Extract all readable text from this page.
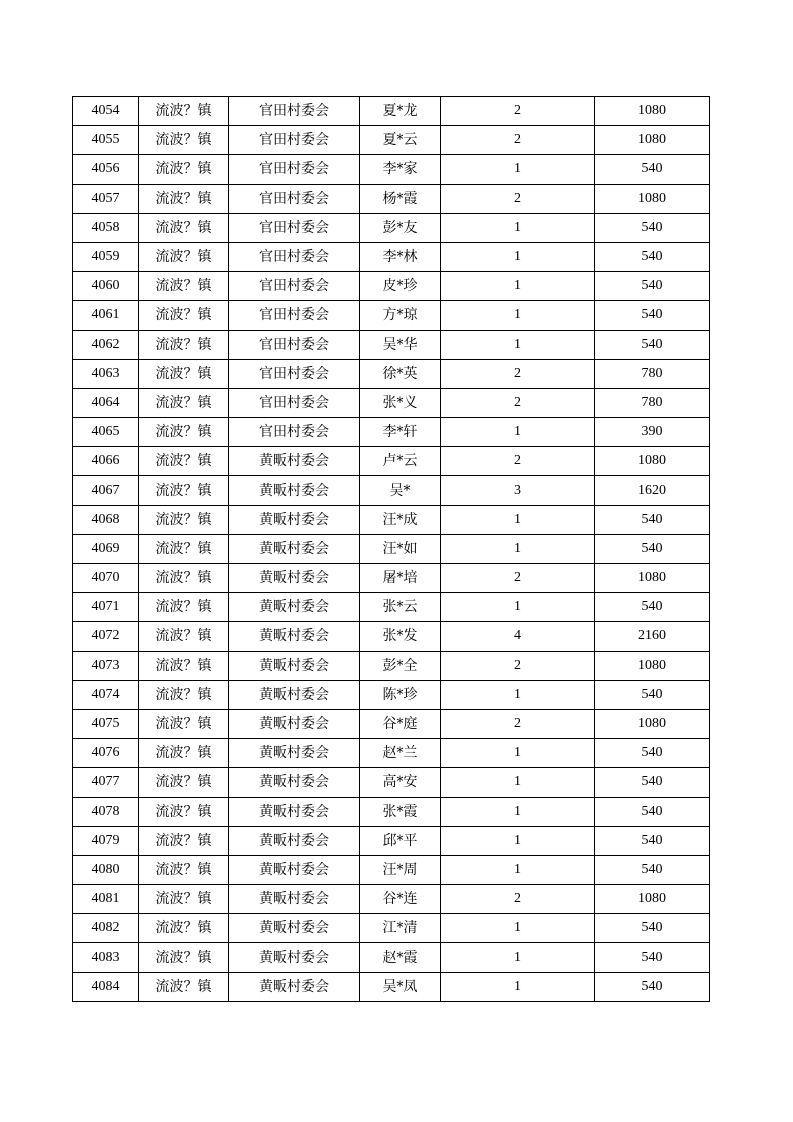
4054	流波？镇	官田村委会	夏*龙	2	1080
4055	流波？镇	官田村委会	夏*云	2	1080
4056	流波？镇	官田村委会	李*家	1	540
4057	流波？镇	官田村委会	杨*霞	2	1080
4058	流波？镇	官田村委会	彭*友	1	540
4059	流波？镇	官田村委会	李*林	1	540
4060	流波？镇	官田村委会	皮*珍	1	540
4061	流波？镇	官田村委会	方*琼	1	540
4062	流波？镇	官田村委会	吴*华	1	540
4063	流波？镇	官田村委会	徐*英	2	780
4064	流波？镇	官田村委会	张*义	2	780
4065	流波？镇	官田村委会	李*轩	1	390
4066	流波？镇	黄畈村委会	卢*云	2	1080
4067	流波？镇	黄畈村委会	吴*	3	1620
4068	流波？镇	黄畈村委会	汪*成	1	540
4069	流波？镇	黄畈村委会	汪*如	1	540
4070	流波？镇	黄畈村委会	屠*培	2	1080
4071	流波？镇	黄畈村委会	张*云	1	540
4072	流波？镇	黄畈村委会	张*发	4	2160
4073	流波？镇	黄畈村委会	彭*全	2	1080
4074	流波？镇	黄畈村委会	陈*珍	1	540
4075	流波？镇	黄畈村委会	谷*庭	2	1080
4076	流波？镇	黄畈村委会	赵*兰	1	540
4077	流波？镇	黄畈村委会	高*安	1	540
4078	流波？镇	黄畈村委会	张*霞	1	540
4079	流波？镇	黄畈村委会	邱*平	1	540
4080	流波？镇	黄畈村委会	汪*周	1	540
4081	流波？镇	黄畈村委会	谷*连	2	1080
4082	流波？镇	黄畈村委会	江*清	1	540
4083	流波？镇	黄畈村委会	赵*霞	1	540
4084	流波？镇	黄畈村委会	吴*凤	1	540
